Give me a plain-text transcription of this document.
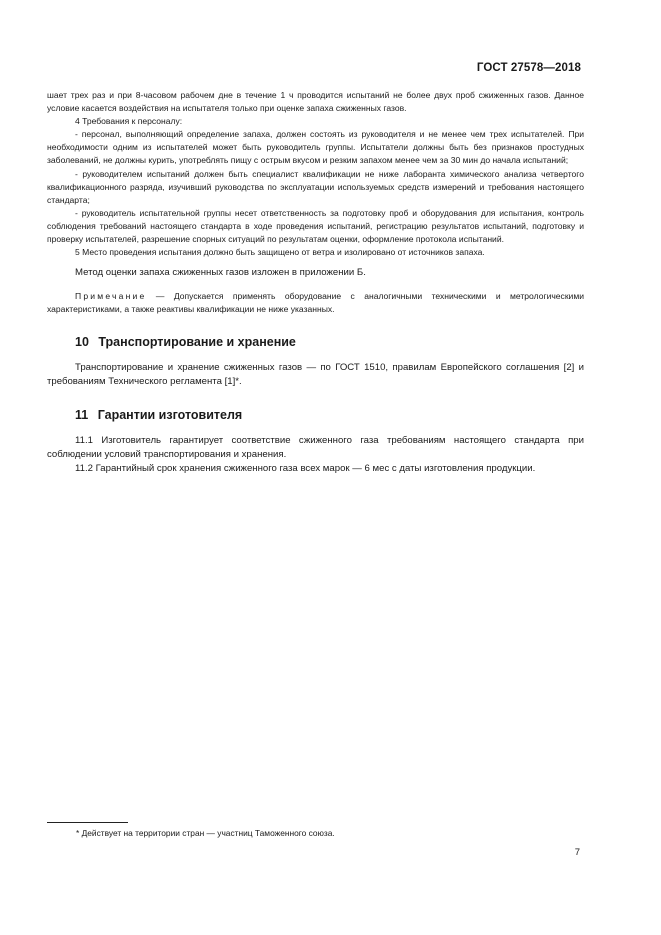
ГОСТ 27578—2018

шает трех раз и при 8-часовом рабочем дне в течение 1 ч проводится испытаний не более двух проб сжиженных газов. Данное условие касается воздействия на испытателя только при оценке запаха сжиженных газов.

4 Требования к персоналу:

- персонал, выполняющий определение запаха, должен состоять из руководителя и не менее чем трех испытателей. При необходимости одним из испытателей может быть руководитель группы. Испытатели должны быть без признаков простудных заболеваний, не должны курить, употреблять пищу с острым вкусом и резким запахом менее чем за 30 мин до начала испытаний;

- руководителем испытаний должен быть специалист квалификации не ниже лаборанта химического анализа четвертого квалификационного разряда, изучивший руководства по эксплуатации используемых средств измерений и требования настоящего стандарта;

- руководитель испытательной группы несет ответственность за подготовку проб и оборудования для испытания, контроль соблюдения требований настоящего стандарта в ходе проведения испытаний, регистрацию результатов испытаний, подготовку и проверку испытателей, разрешение спорных ситуаций по результатам оценки, оформление протокола испытаний.

5 Место проведения испытания должно быть защищено от ветра и изолировано от источников запаха.

Метод оценки запаха сжиженных газов изложен в приложении Б.

Примечание — Допускается применять оборудование с аналогичными техническими и метрологическими характеристиками, а также реактивы квалификации не ниже указанных.

10 Транспортирование и хранение

Транспортирование и хранение сжиженных газов — по ГОСТ 1510, правилам Европейского соглашения [2] и требованиям Технического регламента [1]*.

11 Гарантии изготовителя

11.1 Изготовитель гарантирует соответствие сжиженного газа требованиям настоящего стандарта при соблюдении условий транспортирования и хранения.

11.2 Гарантийный срок хранения сжиженного газа всех марок — 6 мес с даты изготовления продукции.

* Действует на территории стран — участниц Таможенного союза.
7
